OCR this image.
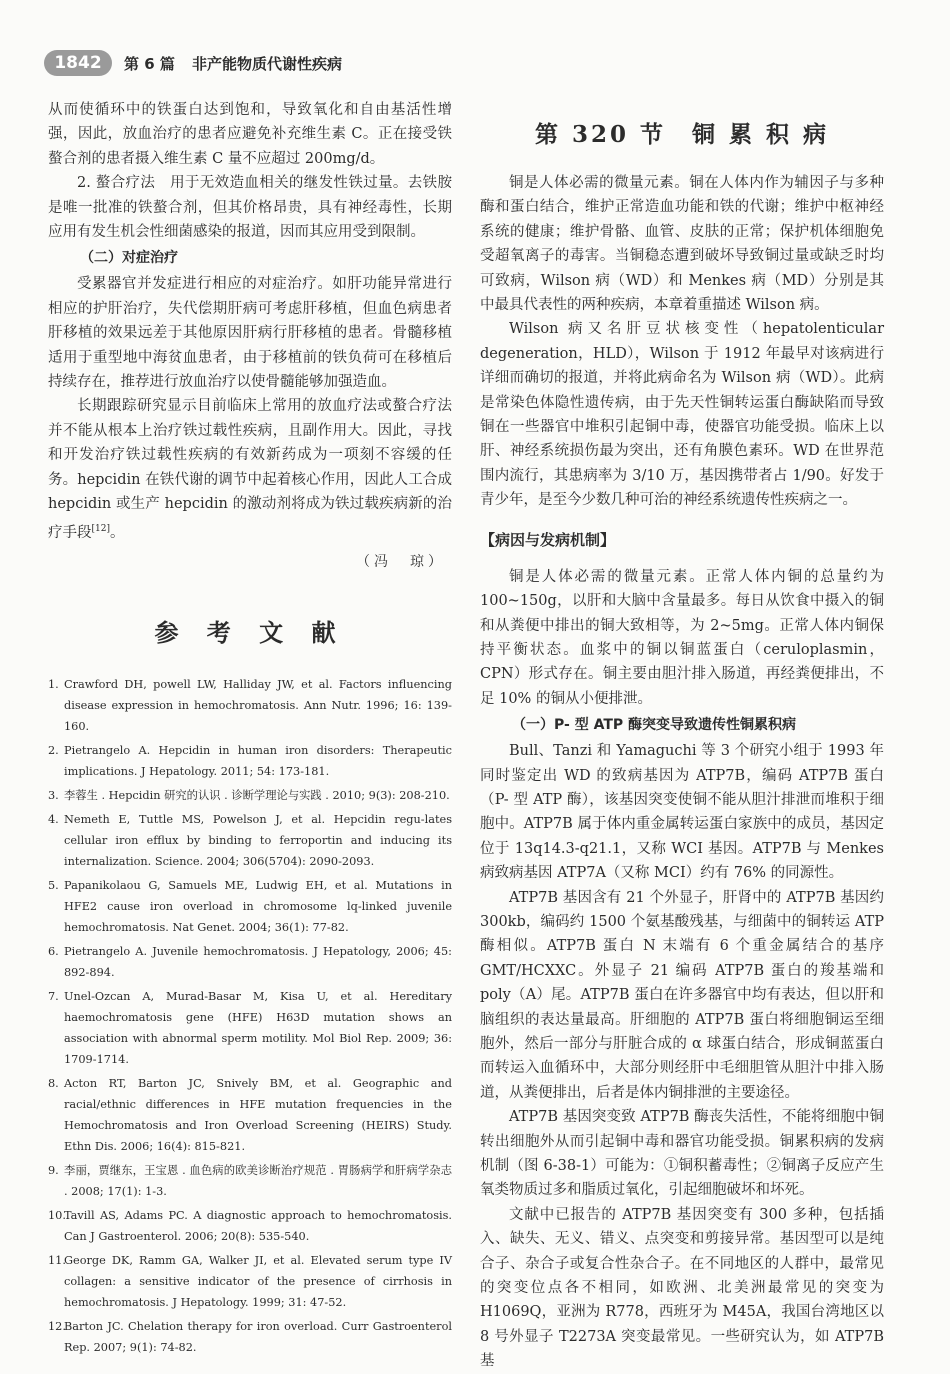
1842	第 6 篇 非产能物质代谢性疾病

从而使循环中的铁蛋白达到饱和，导致氧化和自由基活性增强，因此，放血治疗的患者应避免补充维生素 C。正在接受铁螯合剂的患者摄入维生素 C 量不应超过 200mg/d。

2. 螯合疗法　用于无效造血相关的继发性铁过量。去铁胺是唯一批准的铁螯合剂，但其价格昂贵，具有神经毒性，长期应用有发生机会性细菌感染的报道，因而其应用受到限制。

（二）对症治疗

受累器官并发症进行相应的对症治疗。如肝功能异常进行相应的护肝治疗，失代偿期肝病可考虑肝移植，但血色病患者肝移植的效果远差于其他原因肝病行肝移植的患者。骨髓移植适用于重型地中海贫血患者，由于移植前的铁负荷可在移植后持续存在，推荐进行放血治疗以使骨髓能够加强造血。

长期跟踪研究显示目前临床上常用的放血疗法或螯合疗法并不能从根本上治疗铁过载性疾病，且副作用大。因此，寻找和开发治疗铁过载性疾病的有效新药成为一项刻不容缓的任务。hepcidin 在铁代谢的调节中起着核心作用，因此人工合成 hepcidin 或生产 hepcidin 的激动剂将成为铁过载疾病新的治疗手段[12]。

（冯　琼）
参 考 文 献
1. Crawford DH, powell LW, Halliday JW, et al. Factors influencing disease expression in hemochromatosis. Ann Nutr. 1996; 16: 139-160.
2. Pietrangelo A. Hepcidin in human iron disorders: Therapeutic implications. J Hepatology. 2011; 54: 173-181.
3. 李蓉生 . Hepcidin 研究的认识 . 诊断学理论与实践 . 2010; 9(3): 208-210.
4. Nemeth E, Tuttle MS, Powelson J, et al. Hepcidin regu-lates cellular iron efflux by binding to ferroportin and inducing its internalization. Science. 2004; 306(5704): 2090-2093.
5. Papanikolaou G, Samuels ME, Ludwig EH, et al. Mutations in HFE2 cause iron overload in chromosome lq-linked juvenile hemochromatosis. Nat Genet. 2004; 36(1): 77-82.
6. Pietrangelo A. Juvenile hemochromatosis. J Hepatology, 2006; 45: 892-894.
7. Unel-Ozcan A, Murad-Basar M, Kisa U, et al. Hereditary haemochromatosis gene (HFE) H63D mutation shows an association with abnormal sperm motility. Mol Biol Rep. 2009; 36: 1709-1714.
8. Acton RT, Barton JC, Snively BM, et al. Geographic and racial/ethnic differences in HFE mutation frequencies in the Hemochromatosis and Iron Overload Screening (HEIRS) Study. Ethn Dis. 2006; 16(4): 815-821.
9. 李丽，贾继东，王宝恩 . 血色病的欧美诊断治疗规范 . 胃肠病学和肝病学杂志 . 2008; 17(1): 1-3.
10.
Tavill AS, Adams PC. A diagnostic approach to hemochromatosis. Can J Gastroenterol. 2006; 20(8): 535-540.
11.
George DK, Ramm GA, Walker JI, et al. Elevated serum type IV collagen: a sensitive indicator of the presence of cirrhosis in hemochromatosis. J Hepatology. 1999; 31: 47-52.
12.
Barton JC. Chelation therapy for iron overload. Curr Gastroenterol Rep. 2007; 9(1): 74-82.
第 320 节　铜 累 积 病

铜是人体必需的微量元素。铜在人体内作为辅因子与多种酶和蛋白结合，维护正常造血功能和铁的代谢；维护中枢神经系统的健康；维护骨骼、血管、皮肤的正常；保护机体细胞免受超氧离子的毒害。当铜稳态遭到破坏导致铜过量或缺乏时均可致病，Wilson 病（WD）和 Menkes 病（MD）分别是其中最具代表性的两种疾病，本章着重描述 Wilson 病。

Wilson 病又名肝豆状核变性（hepatolenticular degeneration，HLD），Wilson 于 1912 年最早对该病进行详细而确切的报道，并将此病命名为 Wilson 病（WD）。此病是常染色体隐性遗传病，由于先天性铜转运蛋白酶缺陷而导致铜在一些器官中堆积引起铜中毒，使器官功能受损。临床上以肝、神经系统损伤最为突出，还有角膜色素环。WD 在世界范围内流行，其患病率为 3/10 万，基因携带者占 1/90。好发于青少年，是至今少数几种可治的神经系统遗传性疾病之一。

【病因与发病机制】

铜是人体必需的微量元素。正常人体内铜的总量约为 100~150g，以肝和大脑中含量最多。每日从饮食中摄入的铜和从粪便中排出的铜大致相等，为 2~5mg。正常人体内铜保持平衡状态。血浆中的铜以铜蓝蛋白（ceruloplasmin，CPN）形式存在。铜主要由胆汁排入肠道，再经粪便排出，不足 10% 的铜从小便排泄。

（一）P- 型 ATP 酶突变导致遗传性铜累积病

Bull、Tanzi 和 Yamaguchi 等 3 个研究小组于 1993 年同时鉴定出 WD 的致病基因为 ATP7B，编码 ATP7B 蛋白（P- 型 ATP 酶），该基因突变使铜不能从胆汁排泄而堆积于细胞中。ATP7B 属于体内重金属转运蛋白家族中的成员，基因定位于 13q14.3-q21.1，又称 WCI 基因。ATP7B 与 Menkes 病致病基因 ATP7A（又称 MCI）约有 76% 的同源性。

ATP7B 基因含有 21 个外显子，肝肾中的 ATP7B 基因约 300kb，编码约 1500 个氨基酸残基，与细菌中的铜转运 ATP 酶相似。ATP7B 蛋白 N 末端有 6 个重金属结合的基序 GMT/HCXXC。外显子 21 编码 ATP7B 蛋白的羧基端和 poly（A）尾。ATP7B 蛋白在许多器官中均有表达，但以肝和脑组织的表达量最高。肝细胞的 ATP7B 蛋白将细胞铜运至细胞外，然后一部分与肝脏合成的 α 球蛋白结合，形成铜蓝蛋白而转运入血循环中，大部分则经肝中毛细胆管从胆汁中排入肠道，从粪便排出，后者是体内铜排泄的主要途径。

ATP7B 基因突变致 ATP7B 酶丧失活性，不能将细胞中铜转出细胞外从而引起铜中毒和器官功能受损。铜累积病的发病机制（图 6-38-1）可能为：①铜积蓄毒性；②铜离子反应产生氧类物质过多和脂质过氧化，引起细胞破坏和坏死。

文献中已报告的 ATP7B 基因突变有 300 多种，包括插入、缺失、无义、错义、点突变和剪接异常。基因型可以是纯合子、杂合子或复合性杂合子。在不同地区的人群中，最常见的突变位点各不相同，如欧洲、北美洲最常见的突变为 H1069Q，亚洲为 R778，西班牙为 M45A，我国台湾地区以 8 号外显子 T2273A 突变最常见。一些研究认为，如 ATP7B 基
